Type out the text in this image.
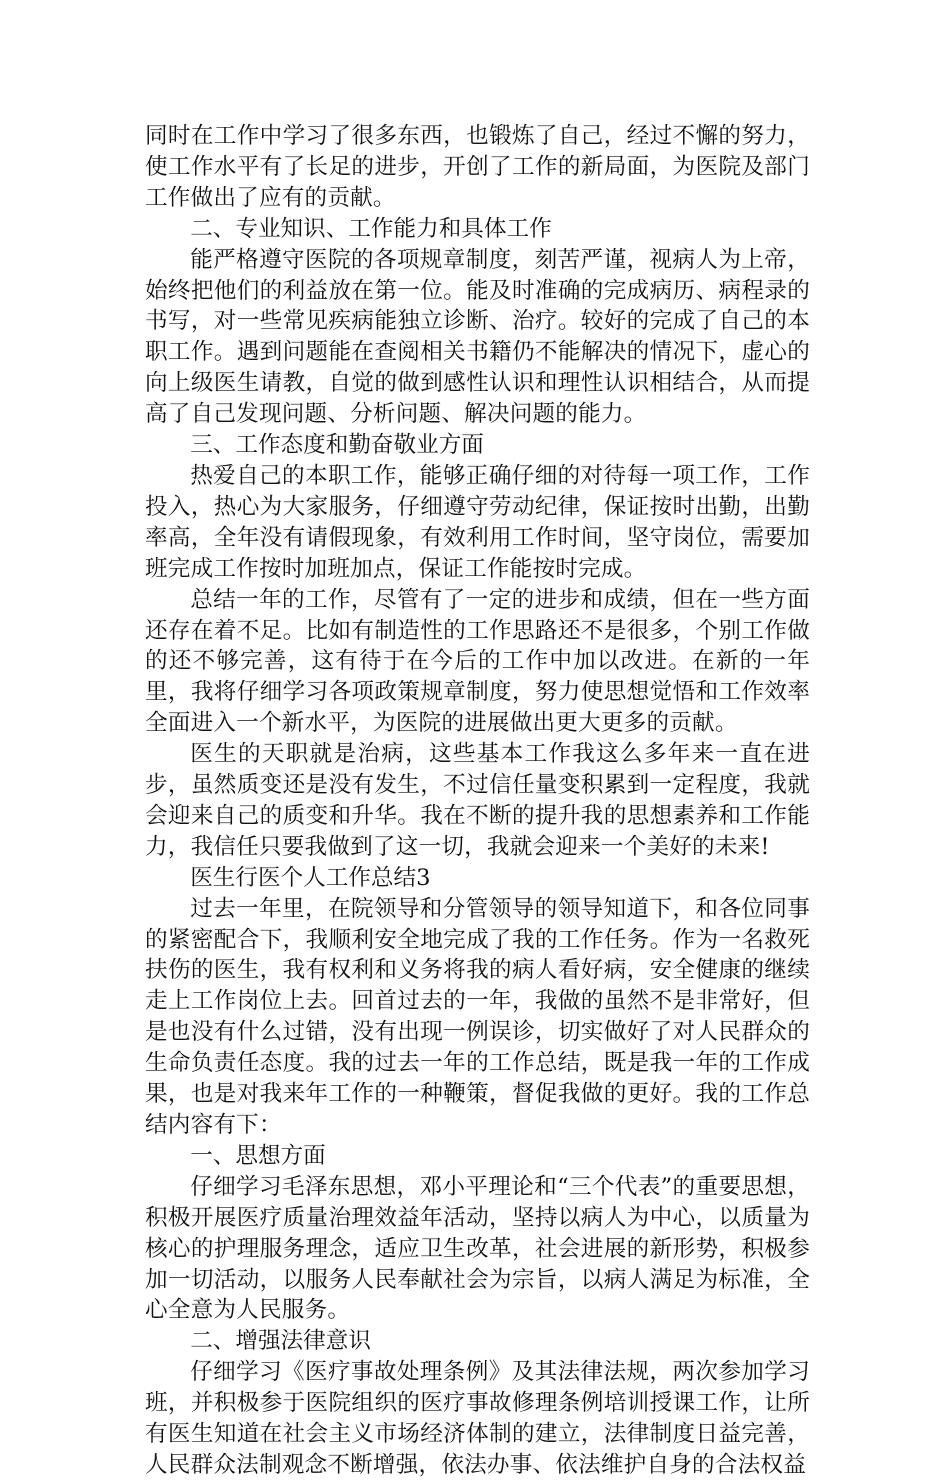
同时在工作中学习了很多东西，也锻炼了自己，经过不懈的努力，使工作水平有了长足的进步，开创了工作的新局面，为医院及部门工作做出了应有的贡献。

二、专业知识、工作能力和具体工作

能严格遵守医院的各项规章制度，刻苦严谨，视病人为上帝，始终把他们的利益放在第一位。能及时准确的完成病历、病程录的书写，对一些常见疾病能独立诊断、治疗。较好的完成了自己的本职工作。遇到问题能在查阅相关书籍仍不能解决的情况下，虚心的向上级医生请教，自觉的做到感性认识和理性认识相结合，从而提高了自己发现问题、分析问题、解决问题的能力。

三、工作态度和勤奋敬业方面

热爱自己的本职工作，能够正确仔细的对待每一项工作，工作投入，热心为大家服务，仔细遵守劳动纪律，保证按时出勤，出勤率高，全年没有请假现象，有效利用工作时间，坚守岗位，需要加班完成工作按时加班加点，保证工作能按时完成。

总结一年的工作，尽管有了一定的进步和成绩，但在一些方面还存在着不足。比如有制造性的工作思路还不是很多，个别工作做的还不够完善，这有待于在今后的工作中加以改进。在新的一年里，我将仔细学习各项政策规章制度，努力使思想觉悟和工作效率全面进入一个新水平，为医院的进展做出更大更多的贡献。

医生的天职就是治病，这些基本工作我这么多年来一直在进步，虽然质变还是没有发生，不过信任量变积累到一定程度，我就会迎来自己的质变和升华。我在不断的提升我的思想素养和工作能力，我信任只要我做到了这一切，我就会迎来一个美好的未来!

医生行医个人工作总结3

过去一年里，在院领导和分管领导的领导知道下，和各位同事的紧密配合下，我顺利安全地完成了我的工作任务。作为一名救死扶伤的医生，我有权利和义务将我的病人看好病，安全健康的继续走上工作岗位上去。回首过去的一年，我做的虽然不是非常好，但是也没有什么过错，没有出现一例误诊，切实做好了对人民群众的生命负责任态度。我的过去一年的工作总结，既是我一年的工作成果，也是对我来年工作的一种鞭策，督促我做的更好。我的工作总结内容有下：

一、思想方面

仔细学习毛泽东思想，邓小平理论和“三个代表”的重要思想，积极开展医疗质量治理效益年活动，坚持以病人为中心，以质量为核心的护理服务理念，适应卫生改革，社会进展的新形势，积极参加一切活动，以服务人民奉献社会为宗旨，以病人满足为标准，全心全意为人民服务。

二、增强法律意识

仔细学习《医疗事故处理条例》及其法律法规，两次参加学习班，并积极参于医院组织的医疗事故修理条例培训授课工作，让所有医生知道在社会主义市场经济体制的建立，法律制度日益完善，人民群众法制观念不断增强，依法办事、依法维护自身的合法权益
